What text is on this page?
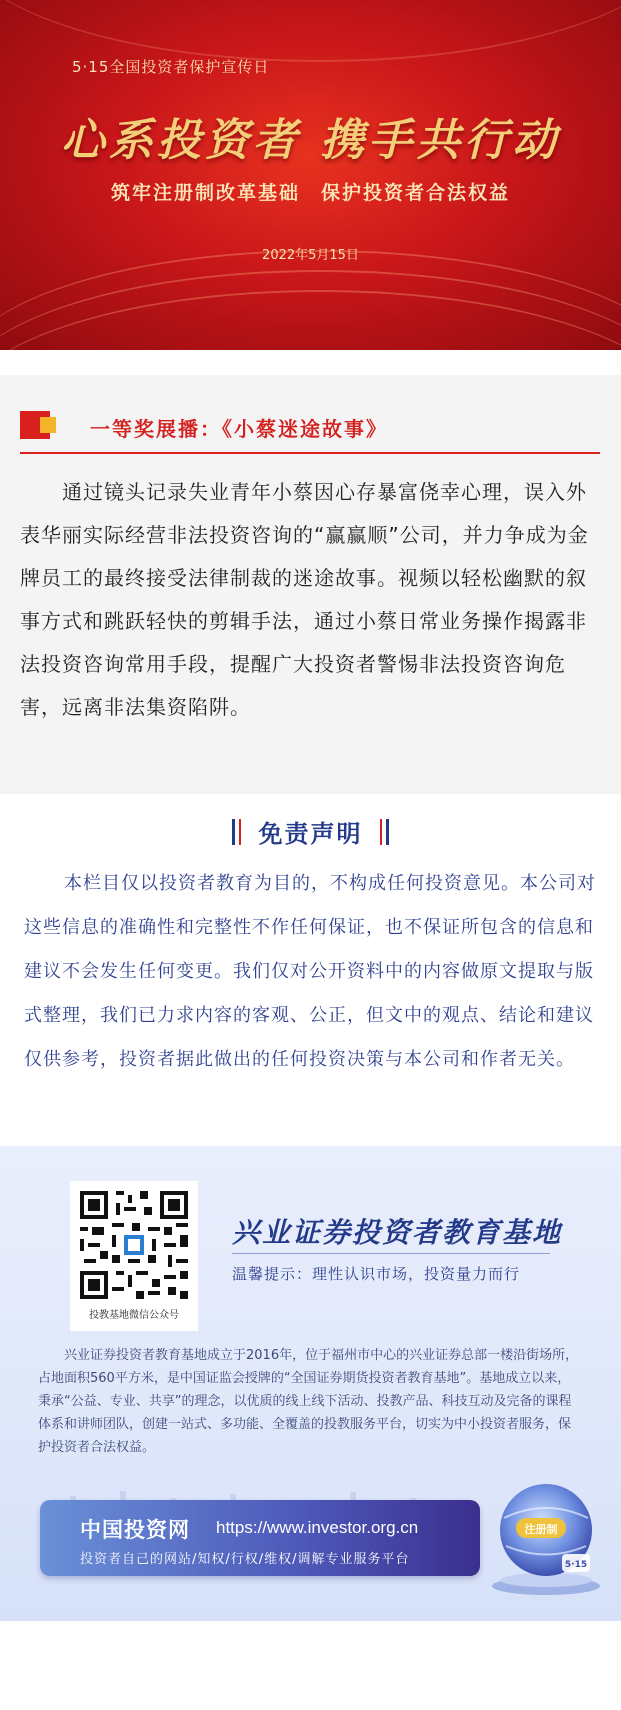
5·15全国投资者保护宣传日
心系投资者 携手共行动
筑牢注册制改革基础　保护投资者合法权益
2022年5月15日
一等奖展播：《小蔡迷途故事》

通过镜头记录失业青年小蔡因心存暴富侥幸心理，误入外表华丽实际经营非法投资咨询的“赢赢顺”公司，并力争成为金牌员工的最终接受法律制裁的迷途故事。视频以轻松幽默的叙事方式和跳跃轻快的剪辑手法，通过小蔡日常业务操作揭露非法投资咨询常用手段，提醒广大投资者警惕非法投资咨询危害，远离非法集资陷阱。

免责声明

本栏目仅以投资者教育为目的，不构成任何投资意见。本公司对这些信息的准确性和完整性不作任何保证，也不保证所包含的信息和建议不会发生任何变更。我们仅对公开资料中的内容做原文提取与版式整理，我们已力求内容的客观、公正，但文中的观点、结论和建议仅供参考，投资者据此做出的任何投资决策与本公司和作者无关。

投教基地微信公众号
兴业证券投资者教育基地
温馨提示：理性认识市场，投资量力而行

兴业证券投资者教育基地成立于2016年，位于福州市中心的兴业证券总部一楼沿街场所，占地面积560平方米，是中国证监会授牌的“全国证券期货投资者教育基地”。基地成立以来，秉承“公益、专业、共享”的理念，以优质的线上线下活动、投教产品、科技互动及完备的课程体系和讲师团队，创建一站式、多功能、全覆盖的投教服务平台，切实为中小投资者服务，保护投资者合法权益。

中国投资网 https://www.investor.org.cn
投资者自己的网站/知权/行权/维权/调解专业服务平台
注册制
5·15
